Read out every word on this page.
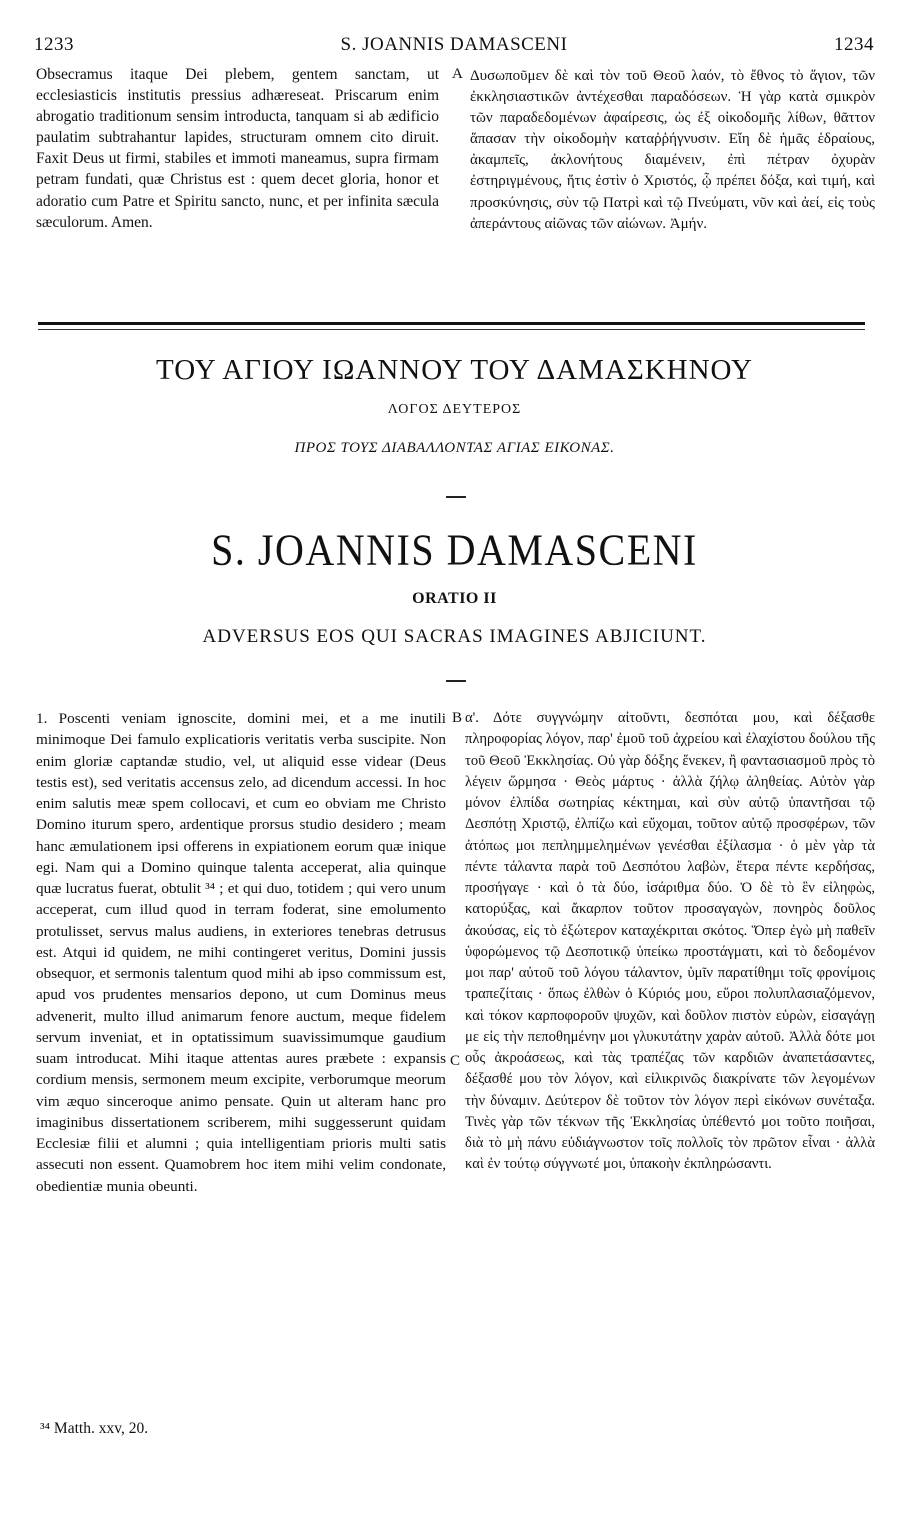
1233	S. JOANNIS DAMASCENI	1234

Obsecramus itaque Dei plebem, gentem sanctam, ut ecclesiasticis institutis pressius adhæreseat. Priscarum enim abrogatio traditionum sensim introducta, tanquam si ab ædificio paulatim subtrahantur lapides, structuram omnem cito diruit. Faxit Deus ut firmi, stabiles et immoti maneamus, supra firmam petram fundati, quæ Christus est : quem decet gloria, honor et adoratio cum Patre et Spiritu sancto, nunc, et per infinita sæcula sæculorum. Amen.

A Δυσωποῦμεν δὲ καὶ τὸν τοῦ Θεοῦ λαόν, τὸ ἔθνος τὸ ἅγιον, τῶν ἐκκλησιαστικῶν ἀντέχεσθαι παραδόσεων. Ἡ γὰρ κατὰ σμικρὸν τῶν παραδεδομένων ἀφαίρεσις, ὡς ἐξ οἰκοδομῆς λίθων, θᾶττον ἅπασαν τὴν οἰκοδομὴν καταῤῥήγνυσιν. Εἴη δὲ ἡμᾶς ἑδραίους, ἀκαμπεῖς, ἀκλονήτους διαμένειν, ἐπὶ πέτραν ὀχυρὰν ἐστηριγμένους, ἥτις ἐστὶν ὁ Χριστός, ᾧ πρέπει δόξα, καὶ τιμή, καὶ προσκύνησις, σὺν τῷ Πατρὶ καὶ τῷ Πνεύματι, νῦν καὶ ἀεί, εἰς τοὺς ἀπεράντους αἰῶνας τῶν αἰώνων. Ἀμήν.

ΤΟΥ ΑΓΙΟΥ ΙΩΑΝΝΟΥ ΤΟΥ ΔΑΜΑΣΚΗΝΟΥ
ΛΟΓΟΣ ΔΕΥΤΕΡΟΣ
ΠΡΟΣ ΤΟΥΣ ΔΙΑΒΑΛΛΟΝΤΑΣ ΑΓΙΑΣ ΕΙΚΟΝΑΣ.
S. JOANNIS DAMASCENI
ORATIO II
ADVERSUS EOS QUI SACRAS IMAGINES ABJICIUNT.

1. Poscenti veniam ignoscite, domini mei, et a me inutili minimoque Dei famulo explicatioris veritatis verba suscipite. Non enim gloriæ captandæ studio, vel, ut aliquid esse videar (Deus testis est), sed veritatis accensus zelo, ad dicendum accessi. In hoc enim salutis meæ spem collocavi, et cum eo obviam me Christo Domino iturum spero, ardentique prorsus studio desidero ; meam hanc æmulationem ipsi offerens in expiationem eorum quæ inique egi. Nam qui a Domino quinque talenta acceperat, alia quinque quæ lucratus fuerat, obtulit ³⁴ ; et qui duo, totidem ; qui vero unum acceperat, cum illud quod in terram foderat, sine emolumento protulisset, servus malus audiens, in exteriores tenebras detrusus est. Atqui id quidem, ne mihi contingeret veritus, Domini jussis obsequor, et sermonis talentum quod mihi ab ipso commissum est, apud vos prudentes mensarios depono, ut cum Dominus meus advenerit, multo illud animarum fenore auctum, meque fidelem servum inveniat, et in optatissimum suavissimumque gaudium suam introducat. Mihi itaque attentas aures præbete : expansis cordium mensis, sermonem meum excipite, verborumque meorum vim æquo sinceroque animo pensate. Quin ut alteram hanc pro imaginibus dissertationem scriberem, mihi suggesserunt quidam Ecclesiæ filii et alumni ; quia intelligentiam prioris multi satis assecuti non essent. Quamobrem hoc item mihi velim condonate, obedientiæ munia obeunti.

B
C

α'. Δότε συγγνώμην αἰτοῦντι, δεσπόται μου, καὶ δέξασθε πληροφορίας λόγον, παρ' ἐμοῦ τοῦ ἀχρείου καὶ ἐλαχίστου δούλου τῆς τοῦ Θεοῦ Ἐκκλησίας. Οὐ γὰρ δόξης ἕνεκεν, ἢ φαντασιασμοῦ πρὸς τὸ λέγειν ὥρμησα · Θεὸς μάρτυς · ἀλλὰ ζήλῳ ἀληθείας. Αὐτὸν γὰρ μόνον ἐλπίδα σωτηρίας κέκτημαι, καὶ σὺν αὐτῷ ὑπαντῆσαι τῷ Δεσπότῃ Χριστῷ, ἐλπίζω καὶ εὔχομαι, τοῦτον αὐτῷ προσφέρων, τῶν ἀτόπως μοι πεπλημμελημένων γενέσθαι ἐξίλασμα · ὁ μὲν γὰρ τὰ πέντε τάλαντα παρὰ τοῦ Δεσπότου λαβὼν, ἕτερα πέντε κερδήσας, προσήγαγε · καὶ ὁ τὰ δύο, ἰσάριθμα δύο. Ὁ δὲ τὸ ἓν εἰληφὼς, κατορύξας, καὶ ἄκαρπον τοῦτον προσαγαγὼν, πονηρὸς δοῦλος ἀκούσας, εἰς τὸ ἐξώτερον καταχέκριται σκότος. Ὅπερ ἐγὼ μὴ παθεῖν ὑφορώμενος τῷ Δεσποτικῷ ὑπείκω προστάγματι, καὶ τὸ δεδομένον μοι παρ' αὐτοῦ τοῦ λόγου τάλαντον, ὑμῖν παρατίθημι τοῖς φρονίμοις τραπεζίταις · ὅπως ἐλθὼν ὁ Κύριός μου, εὕροι πολυπλασιαζόμενον, καὶ τόκον καρποφοροῦν ψυχῶν, καὶ δοῦλον πιστὸν εὑρὼν, εἰσαγάγῃ με εἰς τὴν πεποθημένην μοι γλυκυτάτην χαρὰν αὐτοῦ. Ἀλλὰ δότε μοι οὖς ἀκροάσεως, καὶ τὰς τραπέζας τῶν καρδιῶν ἀναπετάσαντες, δέξασθέ μου τὸν λόγον, καὶ εἰλικρινῶς διακρίνατε τῶν λεγομένων τὴν δύναμιν. Δεύτερον δὲ τοῦτον τὸν λόγον περὶ εἰκόνων συνέταξα. Τινὲς γὰρ τῶν τέκνων τῆς Ἐκκλησίας ὑπέθεντό μοι τοῦτο ποιῆσαι, διὰ τὸ μὴ πάνυ εὐδιάγνωστον τοῖς πολλοῖς τὸν πρῶτον εἶναι · ἀλλὰ καὶ ἐν τούτῳ σύγγνωτέ μοι, ὑπακοὴν ἐκπληρώσαντι.

³⁴ Matth. xxv, 20.
